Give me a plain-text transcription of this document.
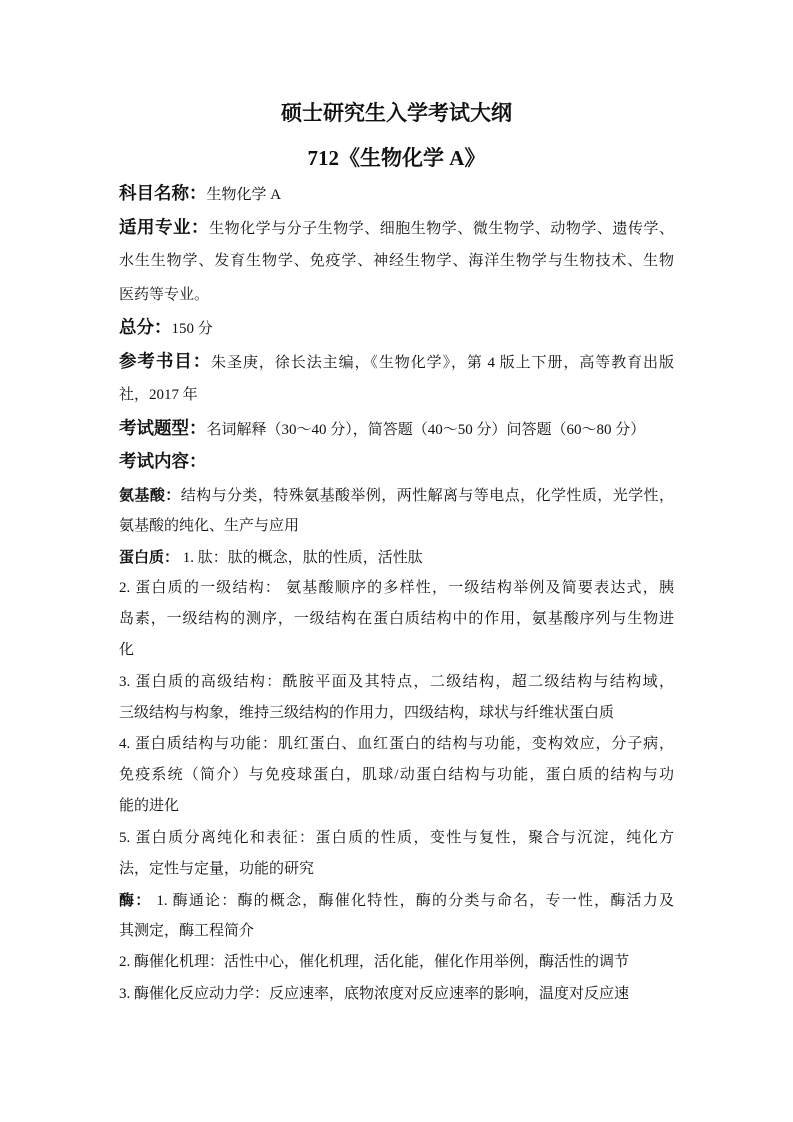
硕士研究生入学考试大纲
712《生物化学 A》
科目名称：生物化学 A
适用专业：生物化学与分子生物学、细胞生物学、微生物学、动物学、遗传学、
水生生物学、发育生物学、免疫学、神经生物学、海洋生物学与生物技术、生物
医药等专业。
总分：150 分
参考书目：朱圣庚，徐长法主编，《生物化学》，第 4 版上下册，高等教育出版
社，2017 年
考试题型：名词解释（30～40 分），简答题（40～50 分）问答题（60～80 分）
考试内容：
氨基酸：结构与分类，特殊氨基酸举例，两性解离与等电点，化学性质，光学性，
氨基酸的纯化、生产与应用
蛋白质： 1. 肽：肽的概念，肽的性质，活性肽
2. 蛋白质的一级结构： 氨基酸顺序的多样性，一级结构举例及简要表达式，胰
岛素，一级结构的测序，一级结构在蛋白质结构中的作用，氨基酸序列与生物进
化
3. 蛋白质的高级结构：酰胺平面及其特点，二级结构，超二级结构与结构域，
三级结构与构象，维持三级结构的作用力，四级结构，球状与纤维状蛋白质
4. 蛋白质结构与功能：肌红蛋白、血红蛋白的结构与功能，变构效应，分子病，
免疫系统（简介）与免疫球蛋白，肌球/动蛋白结构与功能，蛋白质的结构与功
能的进化
5. 蛋白质分离纯化和表征：蛋白质的性质，变性与复性，聚合与沉淀，纯化方
法，定性与定量，功能的研究
酶： 1. 酶通论：酶的概念，酶催化特性，酶的分类与命名，专一性，酶活力及
其测定，酶工程简介
2. 酶催化机理：活性中心，催化机理，活化能，催化作用举例，酶活性的调节
3. 酶催化反应动力学：反应速率，底物浓度对反应速率的影响，温度对反应速
